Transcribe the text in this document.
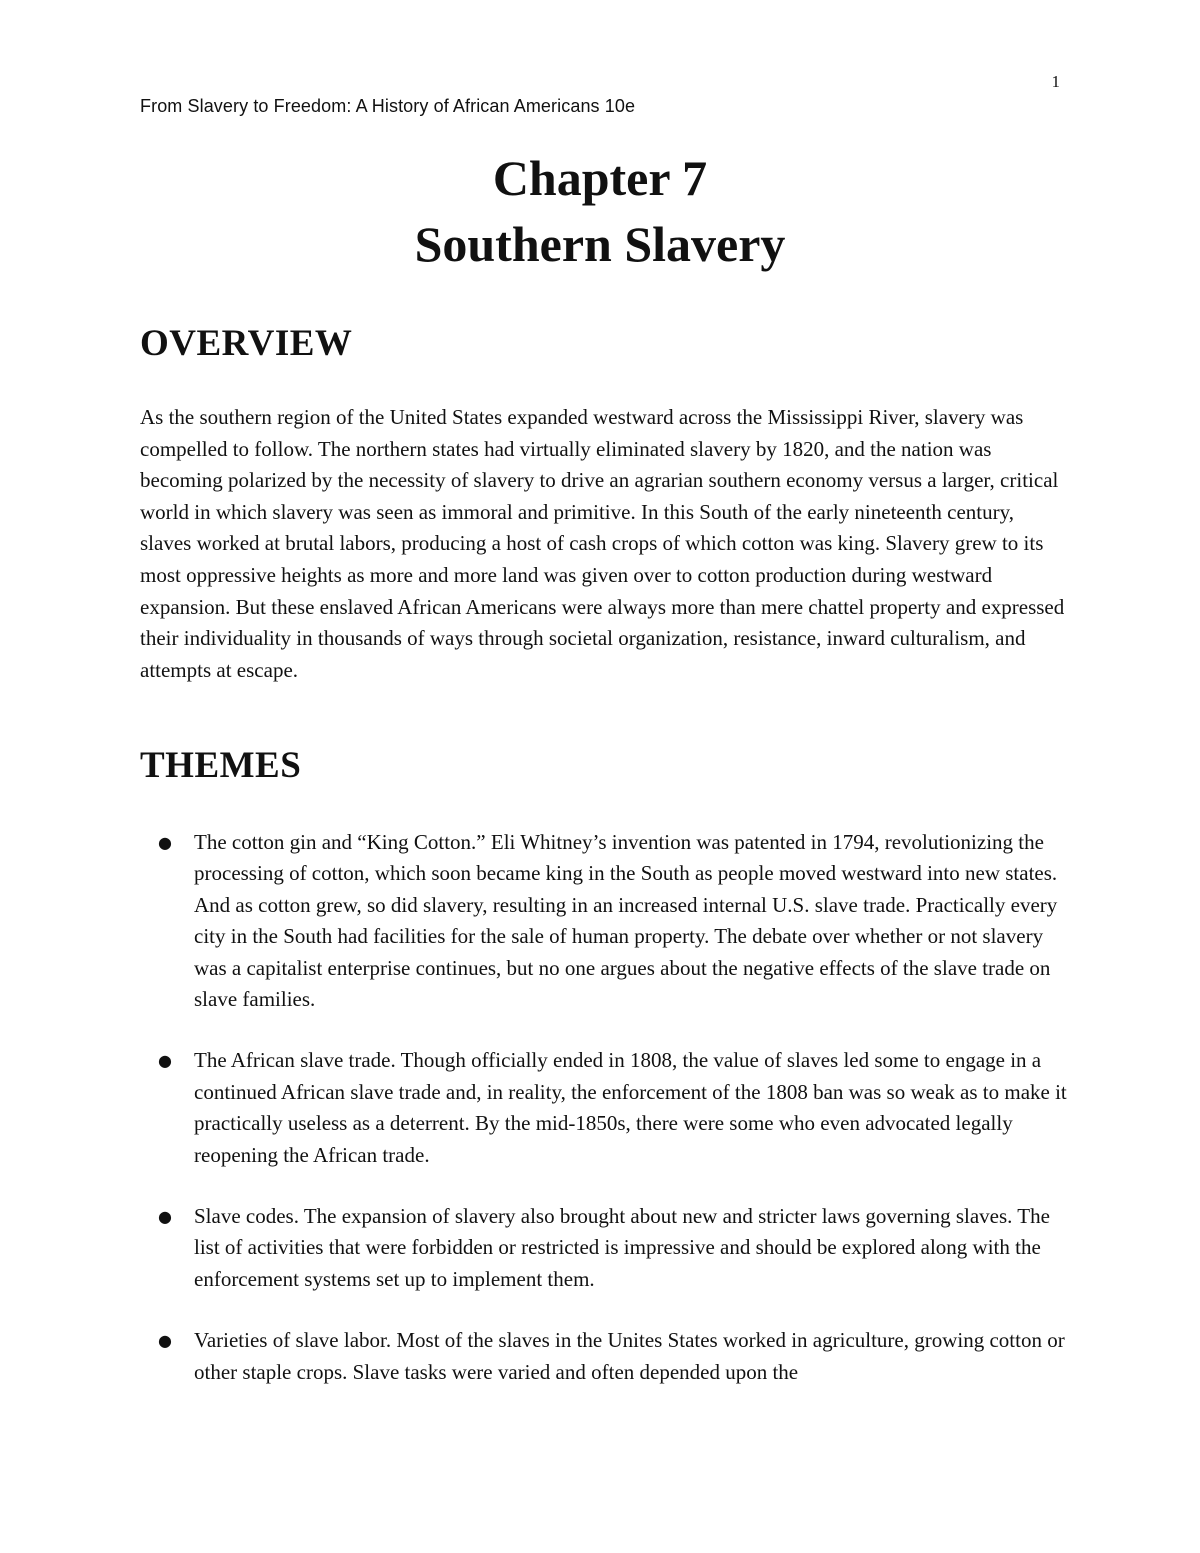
1
From Slavery to Freedom: A History of African Americans 10e
Chapter 7
Southern Slavery
OVERVIEW

As the southern region of the United States expanded westward across the Mississippi River, slavery was compelled to follow. The northern states had virtually eliminated slavery by 1820, and the nation was becoming polarized by the necessity of slavery to drive an agrarian southern economy versus a larger, critical world in which slavery was seen as immoral and primitive. In this South of the early nineteenth century, slaves worked at brutal labors, producing a host of cash crops of which cotton was king. Slavery grew to its most oppressive heights as more and more land was given over to cotton production during westward expansion. But these enslaved African Americans were always more than mere chattel property and expressed their individuality in thousands of ways through societal organization, resistance, inward culturalism, and attempts at escape.

THEMES
● The cotton gin and “King Cotton.” Eli Whitney’s invention was patented in 1794, revolutionizing the processing of cotton, which soon became king in the South as people moved westward into new states. And as cotton grew, so did slavery, resulting in an increased internal U.S. slave trade. Practically every city in the South had facilities for the sale of human property. The debate over whether or not slavery was a capitalist enterprise continues, but no one argues about the negative effects of the slave trade on slave families.
● The African slave trade. Though officially ended in 1808, the value of slaves led some to engage in a continued African slave trade and, in reality, the enforcement of the 1808 ban was so weak as to make it practically useless as a deterrent. By the mid-1850s, there were some who even advocated legally reopening the African trade.
● Slave codes. The expansion of slavery also brought about new and stricter laws governing slaves. The list of activities that were forbidden or restricted is impressive and should be explored along with the enforcement systems set up to implement them.
● Varieties of slave labor. Most of the slaves in the Unites States worked in agriculture, growing cotton or other staple crops. Slave tasks were varied and often depended upon the
